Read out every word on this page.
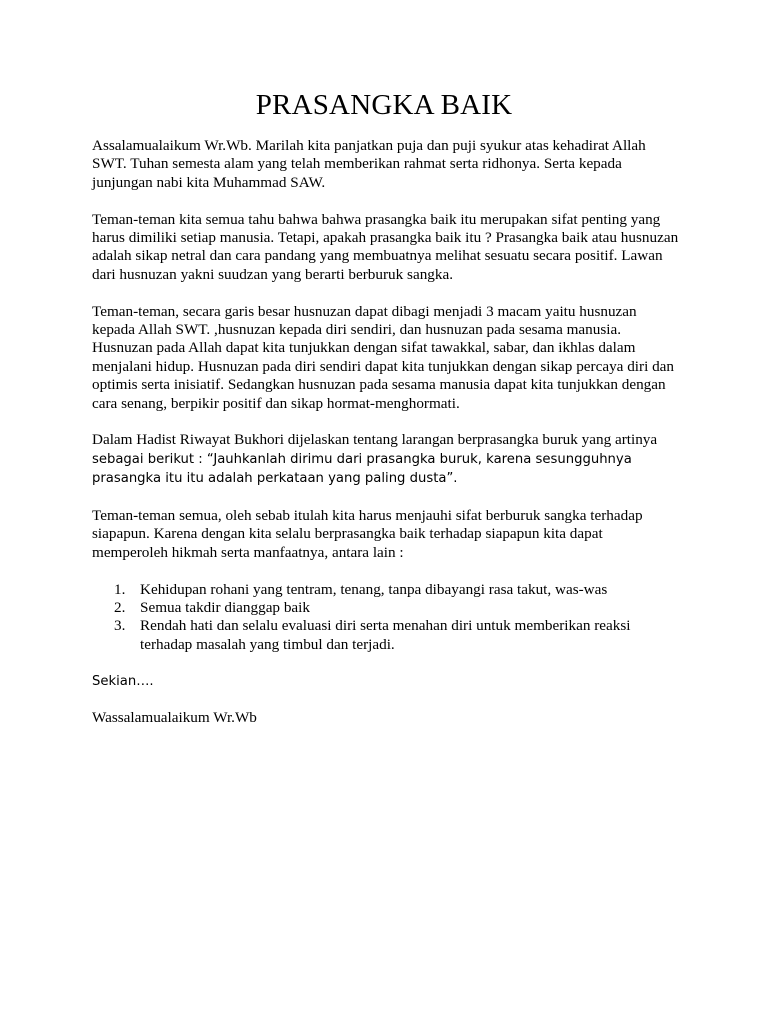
PRASANGKA BAIK

Assalamualaikum Wr.Wb. Marilah kita panjatkan puja dan puji syukur atas kehadirat Allah SWT. Tuhan semesta alam yang telah memberikan rahmat serta ridhonya. Serta kepada junjungan nabi kita Muhammad SAW.

Teman-teman kita semua tahu bahwa bahwa prasangka baik itu merupakan sifat penting yang harus dimiliki setiap manusia. Tetapi, apakah prasangka baik itu ? Prasangka baik atau husnuzan adalah sikap netral dan cara pandang yang membuatnya melihat sesuatu secara positif. Lawan dari husnuzan yakni suudzan yang berarti berburuk sangka.

Teman-teman, secara garis besar husnuzan dapat dibagi menjadi 3 macam yaitu husnuzan kepada Allah SWT. ,husnuzan kepada diri sendiri, dan husnuzan pada sesama manusia. Husnuzan pada Allah dapat kita tunjukkan dengan sifat tawakkal, sabar, dan ikhlas dalam menjalani hidup. Husnuzan pada diri sendiri dapat kita tunjukkan dengan sikap percaya diri dan optimis serta inisiatif. Sedangkan husnuzan pada sesama manusia dapat kita tunjukkan dengan cara senang, berpikir positif dan sikap hormat-menghormati.

Dalam Hadist Riwayat Bukhori dijelaskan tentang larangan berprasangka buruk yang artinya sebagai berikut : “Jauhkanlah dirimu dari prasangka buruk, karena sesungguhnya prasangka itu itu adalah perkataan yang paling dusta”.

Teman-teman semua, oleh sebab itulah kita harus menjauhi sifat berburuk sangka terhadap siapapun. Karena dengan kita selalu berprasangka baik terhadap siapapun kita dapat memperoleh hikmah serta manfaatnya, antara lain :

1. Kehidupan rohani yang tentram, tenang, tanpa dibayangi rasa takut, was-was
2. Semua takdir dianggap baik
3. Rendah hati dan selalu evaluasi diri serta menahan diri untuk memberikan reaksi terhadap masalah yang timbul dan terjadi.

Sekian….

Wassalamualaikum Wr.Wb
